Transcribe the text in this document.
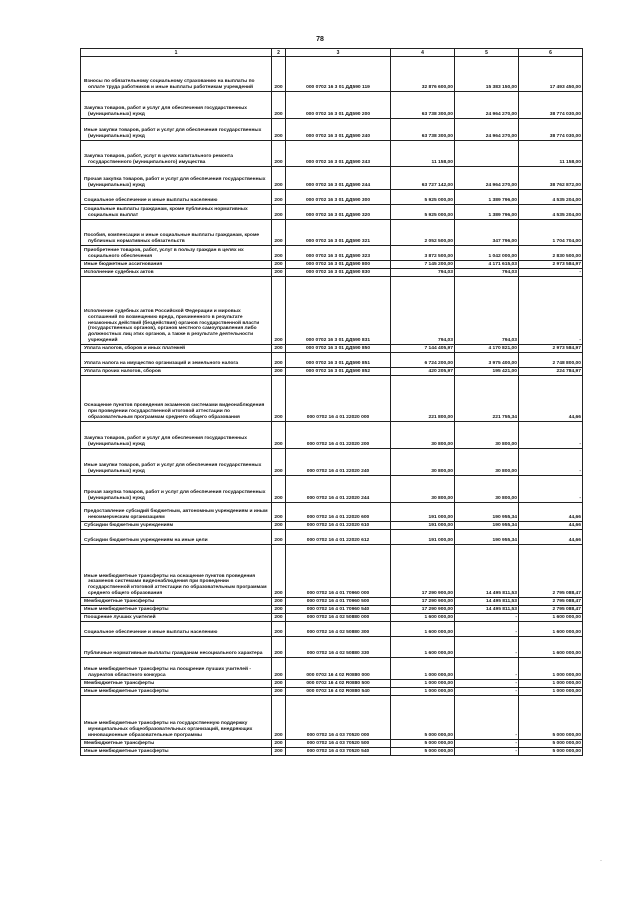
78
1	2	3	4	5	6

Взносы по обязательному социальному страхованию на выплаты по оплате труда работников и иные выплаты работникам учреждений	200	000 0702 16 3 01 ДД590 119	32 876 600,00	15 383 150,00	17 493 450,00

Закупка товаров, работ и услуг для обеспечения государственных (муниципальных) нужд	200	000 0702 16 3 01 ДД590 200	63 738 300,00	24 964 270,00	38 774 030,00

Иные закупки товаров, работ и услуг для обеспечения государственных (муниципальных) нужд	200	000 0702 16 3 01 ДД590 240	63 738 300,00	24 964 270,00	38 774 030,00

Закупка товаров, работ, услуг в целях капитального ремонта государственного (муниципального) имущества	200	000 0702 16 3 01 ДД590 243	11 158,00		11 158,00

Прочая закупка товаров, работ и услуг для обеспечения государственных (муниципальных) нужд	200	000 0702 16 3 01 ДД590 244	63 727 142,00	24 964 270,00	38 762 872,00

Социальное обеспечение и иные выплаты населению	200	000 0702 16 3 01 ДД590 300	5 925 000,00	1 389 796,00	4 535 204,00

Социальные выплаты гражданам, кроме публичных нормативных социальных выплат	200	000 0702 16 3 01 ДД590 320	5 925 000,00	1 389 796,00	4 535 204,00

Пособия, компенсации и иные социальные выплаты гражданам, кроме публичных нормативных обязательств	200	000 0702 16 3 01 ДД590 321	2 052 500,00	347 796,00	1 704 704,00

Приобретение товаров, работ, услуг в пользу граждан в целях их социального обеспечения	200	000 0702 16 3 01 ДД590 323	3 872 500,00	1 042 000,00	2 830 500,00

Иные бюджетные ассигнования	200	000 0702 16 3 01 ДД590 800	7 145 200,00	4 171 615,03	2 973 584,97

Исполнение судебных актов	200	000 0702 16 3 01 ДД590 830	794,03	794,03	-

Исполнение судебных актов Российской Федерации и мировых соглашений по возмещению вреда, причиненного в результате незаконных действий (бездействия) органов государственной власти (государственных органов), органов местного самоуправления либо должностных лиц этих органов, а также в результате деятельности учреждений	200	000 0702 16 3 01 ДД590 831	794,03	794,03	-

Уплата налогов, сборов и иных платежей	200	000 0702 16 3 01 ДД590 850	7 144 405,97	4 170 821,00	2 973 584,97

Уплата налога на имущество организаций и земельного налога	200	000 0702 16 3 01 ДД590 851	6 724 200,00	3 975 400,00	2 748 800,00

Уплата прочих налогов, сборов	200	000 0702 16 3 01 ДД590 852	420 205,97	195 421,00	224 784,97

Оснащение пунктов проведения экзаменов системами видеонаблюдения при проведении государственной итоговой аттестации по образовательным программам среднего общего образования	200	000 0702 16 4 01 22020 000	221 800,00	221 755,34	44,66

Закупка товаров, работ и услуг для обеспечения государственных (муниципальных) нужд	200	000 0702 16 4 01 22020 200	30 800,00	30 800,00	-

Иные закупки товаров, работ и услуг для обеспечения государственных (муниципальных) нужд	200	000 0702 16 4 01 22020 240	30 800,00	30 800,00	-

Прочая закупка товаров, работ и услуг для обеспечения государственных (муниципальных) нужд	200	000 0702 16 4 01 22020 244	30 800,00	30 800,00	-

Предоставление субсидий бюджетным, автономным учреждениям и иным некоммерческим организациям	200	000 0702 16 4 01 22020 600	191 000,00	190 955,34	44,66

Субсидии бюджетным учреждениям	200	000 0702 16 4 01 22020 610	191 000,00	190 955,34	44,66

Субсидии бюджетным учреждениям на иные цели	200	000 0702 16 4 01 22020 612	191 000,00	190 955,34	44,66

Иные межбюджетные трансферты на оснащение пунктов проведения экзаменов системами видеонаблюдения при проведении государственной итоговой аттестации по образовательным программам среднего общего образования	200	000 0702 16 4 01 70960 000	17 290 900,00	14 495 811,53	2 795 088,47

Межбюджетные трансферты	200	000 0702 16 4 01 70960 500	17 290 900,00	14 495 811,53	2 795 088,47

Иные межбюджетные трансферты	200	000 0702 16 4 01 70960 540	17 290 900,00	14 495 811,53	2 795 088,47

Поощрение лучших учителей	200	000 0702 16 4 02 50880 000	1 600 000,00	-	1 600 000,00

Социальное обеспечение и иные выплаты населению	200	000 0702 16 4 02 50880 300	1 600 000,00	-	1 600 000,00

Публичные нормативные выплаты гражданам несоциального характера	200	000 0702 16 4 02 50880 330	1 600 000,00	-	1 600 000,00

Иные межбюджетные трансферты на поощрение лучших учителей - лауреатов областного конкурса	200	000 0702 16 4 02 R0880 000	1 000 000,00	-	1 000 000,00

Межбюджетные трансферты	200	000 0702 16 4 02 R0880 500	1 000 000,00	-	1 000 000,00

Иные межбюджетные трансферты	200	000 0702 16 4 02 R0880 540	1 000 000,00	-	1 000 000,00

Иные межбюджетные трансферты на государственную поддержку муниципальных общеобразовательных организаций, внедряющих инновационные образовательные программы	200	000 0702 16 4 03 70520 000	5 000 000,00	-	5 000 000,00

Межбюджетные трансферты	200	000 0702 16 4 03 70520 500	5 000 000,00	-	5 000 000,00

Иные межбюджетные трансферты	200	000 0702 16 4 03 70520 540	5 000 000,00	-	5 000 000,00
·
